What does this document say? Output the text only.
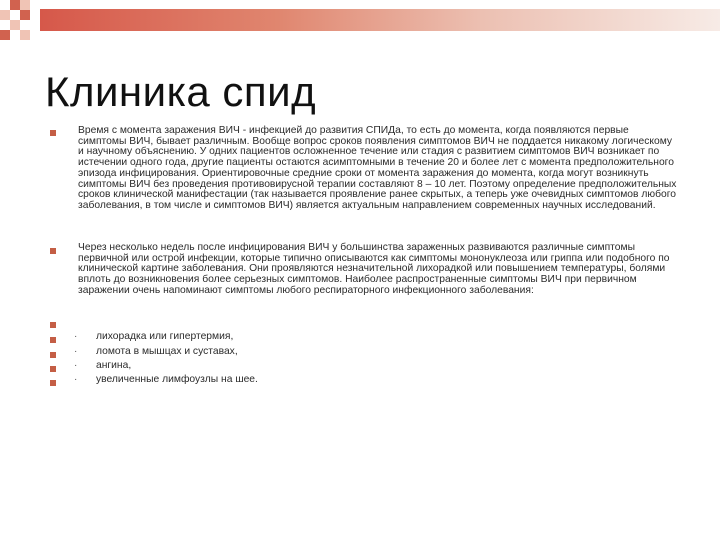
Клиника спид
Время с момента заражения ВИЧ - инфекцией до развития СПИДа, то есть до момента, когда появляются первые симптомы ВИЧ, бывает различным. Вообще вопрос сроков появления симптомов ВИЧ не поддается никакому логическому и научному объяснению. У одних пациентов осложненное течение или стадия с развитием симптомов ВИЧ возникает по истечении одного года, другие пациенты остаются асимптомными в течение 20 и более лет с момента предположительного эпизода инфицирования. Ориентировочные средние сроки от момента заражения до момента, когда могут возникнуть симптомы ВИЧ без проведения противовирусной терапии составляют 8 – 10 лет. Поэтому определение предположительных сроков клинической манифестации (так называется проявление ранее скрытых, а теперь уже очевидных симптомов любого заболевания, в том числе и симптомов ВИЧ) является актуальным направлением современных научных исследований.
Через несколько недель после инфицирования ВИЧ у большинства зараженных развиваются различные симптомы первичной или острой инфекции, которые типично описываются как симптомы мононуклеоза или гриппа или подобного по клинической картине заболевания. Они проявляются незначительной лихорадкой или повышением температуры, болями вплоть до возникновения более серьезных симптомов. Наиболее распространенные симптомы ВИЧ при первичном заражении очень напоминают симптомы любого респираторного инфекционного заболевания:
· лихорадка или гипертермия,
· ломота в мышцах и суставах,
· ангина,
· увеличенные лимфоузлы на шее.
